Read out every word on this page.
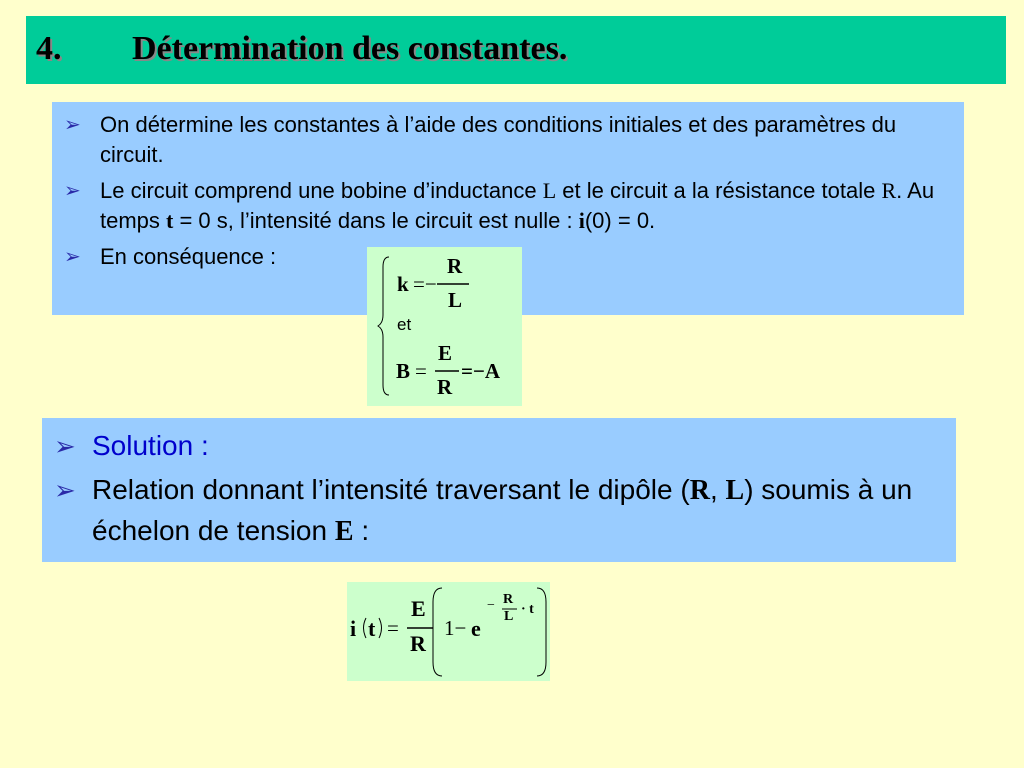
4. Détermination des constantes.
➢ On détermine les constantes à l’aide des conditions initiales et des paramètres du circuit.
➢ Le circuit comprend une bobine d’inductance L et le circuit a la résistance totale R. Au temps t = 0 s, l’intensité dans le circuit est nulle : i(0) = 0.
➢ En conséquence :
k =−
R
L
et
B =
E
R
=−A
➢ Solution :
➢ Relation donnant l’intensité traversant le dipôle (R, L) soumis à un échelon de tension E :
i t =
E
R
1− e
− R
L · t
